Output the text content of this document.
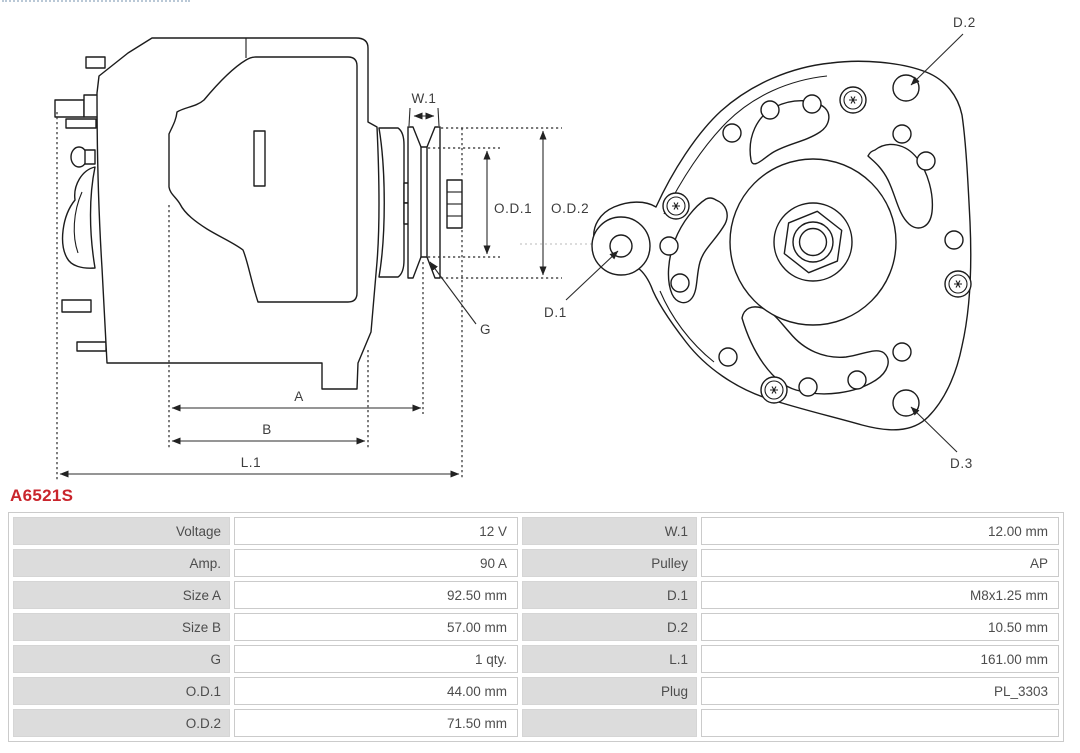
W.1
O.D.1 O.D.2
G
A
B
L.1
D.2
D.1
D.3
A6521S
Voltage	12 V	W.1	12.00 mm
Amp.	90 A	Pulley	AP
Size A	92.50 mm	D.1	M8x1.25 mm
Size B	57.00 mm	D.2	10.50 mm
G	1 qty.	L.1	161.00 mm
O.D.1	44.00 mm	Plug	PL_3303
O.D.2	71.50 mm		
